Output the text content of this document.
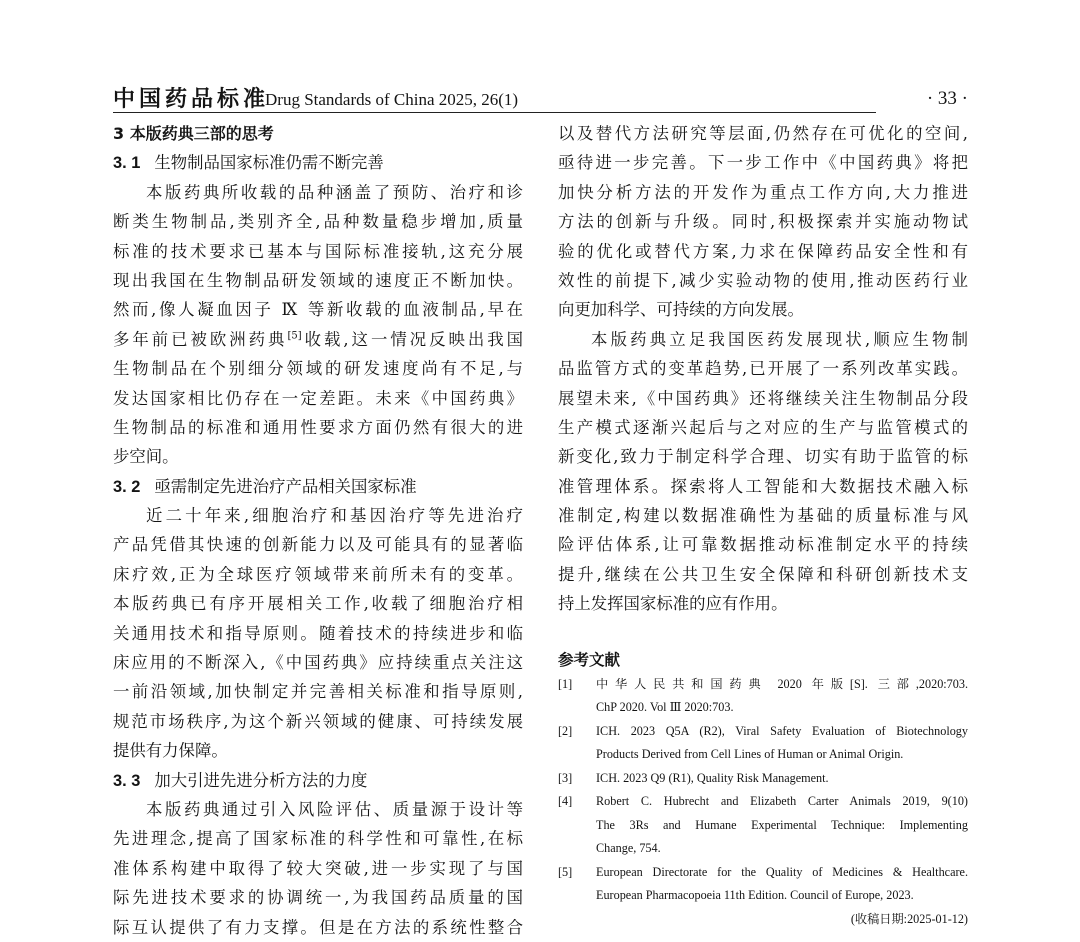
中国药品标准
Drug Standards of China 2025, 26(1)	· 33 ·
3 本版药典三部的思考
3. 1 生物制品国家标准仍需不断完善
本版药典所收载的品种涵盖了预防、治疗和诊
断类生物制品,类别齐全,品种数量稳步增加,质量
标准的技术要求已基本与国际标准接轨,这充分展
现出我国在生物制品研发领域的速度正不断加快。
然而,像人凝血因子 Ⅸ 等新收载的血液制品,早在
多年前已被欧洲药典[5]收载,这一情况反映出我国
生物制品在个别细分领域的研发速度尚有不足,与
发达国家相比仍存在一定差距。未来《中国药典》
生物制品的标准和通用性要求方面仍然有很大的进
步空间。
3. 2 亟需制定先进治疗产品相关国家标准
近二十年来,细胞治疗和基因治疗等先进治疗
产品凭借其快速的创新能力以及可能具有的显著临
床疗效,正为全球医疗领域带来前所未有的变革。
本版药典已有序开展相关工作,收载了细胞治疗相
关通用技术和指导原则。随着技术的持续进步和临
床应用的不断深入,《中国药典》应持续重点关注这
一前沿领域,加快制定并完善相关标准和指导原则,
规范市场秩序,为这个新兴领域的健康、可持续发展
提供有力保障。
3. 3 加大引进先进分析方法的力度
本版药典通过引入风险评估、质量源于设计等
先进理念,提高了国家标准的科学性和可靠性,在标
准体系构建中取得了较大突破,进一步实现了与国
际先进技术要求的协调统一,为我国药品质量的国
际互认提供了有力支撑。但是在方法的系统性整合
以及替代方法研究等层面,仍然存在可优化的空间,
亟待进一步完善。下一步工作中《中国药典》将把
加快分析方法的开发作为重点工作方向,大力推进
方法的创新与升级。同时,积极探索并实施动物试
验的优化或替代方案,力求在保障药品安全性和有
效性的前提下,减少实验动物的使用,推动医药行业
向更加科学、可持续的方向发展。
本版药典立足我国医药发展现状,顺应生物制
品监管方式的变革趋势,已开展了一系列改革实践。
展望未来,《中国药典》还将继续关注生物制品分段
生产模式逐渐兴起后与之对应的生产与监管模式的
新变化,致力于制定科学合理、切实有助于监管的标
准管理体系。探索将人工智能和大数据技术融入标
准制定,构建以数据准确性为基础的质量标准与风
险评估体系,让可靠数据推动标准制定水平的持续
提升,继续在公共卫生安全保障和科研创新技术支
持上发挥国家标准的应有作用。
参考文献
[1]	中华人民共和国药典 2020 年版[S]. 三部,2020:703.
ChP 2020. Vol Ⅲ 2020:703.
[2]	ICH. 2023 Q5A (R2), Viral Safety Evaluation of Biotechnology
Products Derived from Cell Lines of Human or Animal Origin.
[3]	ICH. 2023 Q9 (R1), Quality Risk Management.
[4]	Robert C. Hubrecht and Elizabeth Carter Animals 2019, 9(10)
The 3Rs and Humane Experimental Technique: Implementing
Change, 754.
[5]	European Directorate for the Quality of Medicines & Healthcare.
European Pharmacopoeia 11th Edition. Council of Europe, 2023.
(收稿日期:2025-01-12)
